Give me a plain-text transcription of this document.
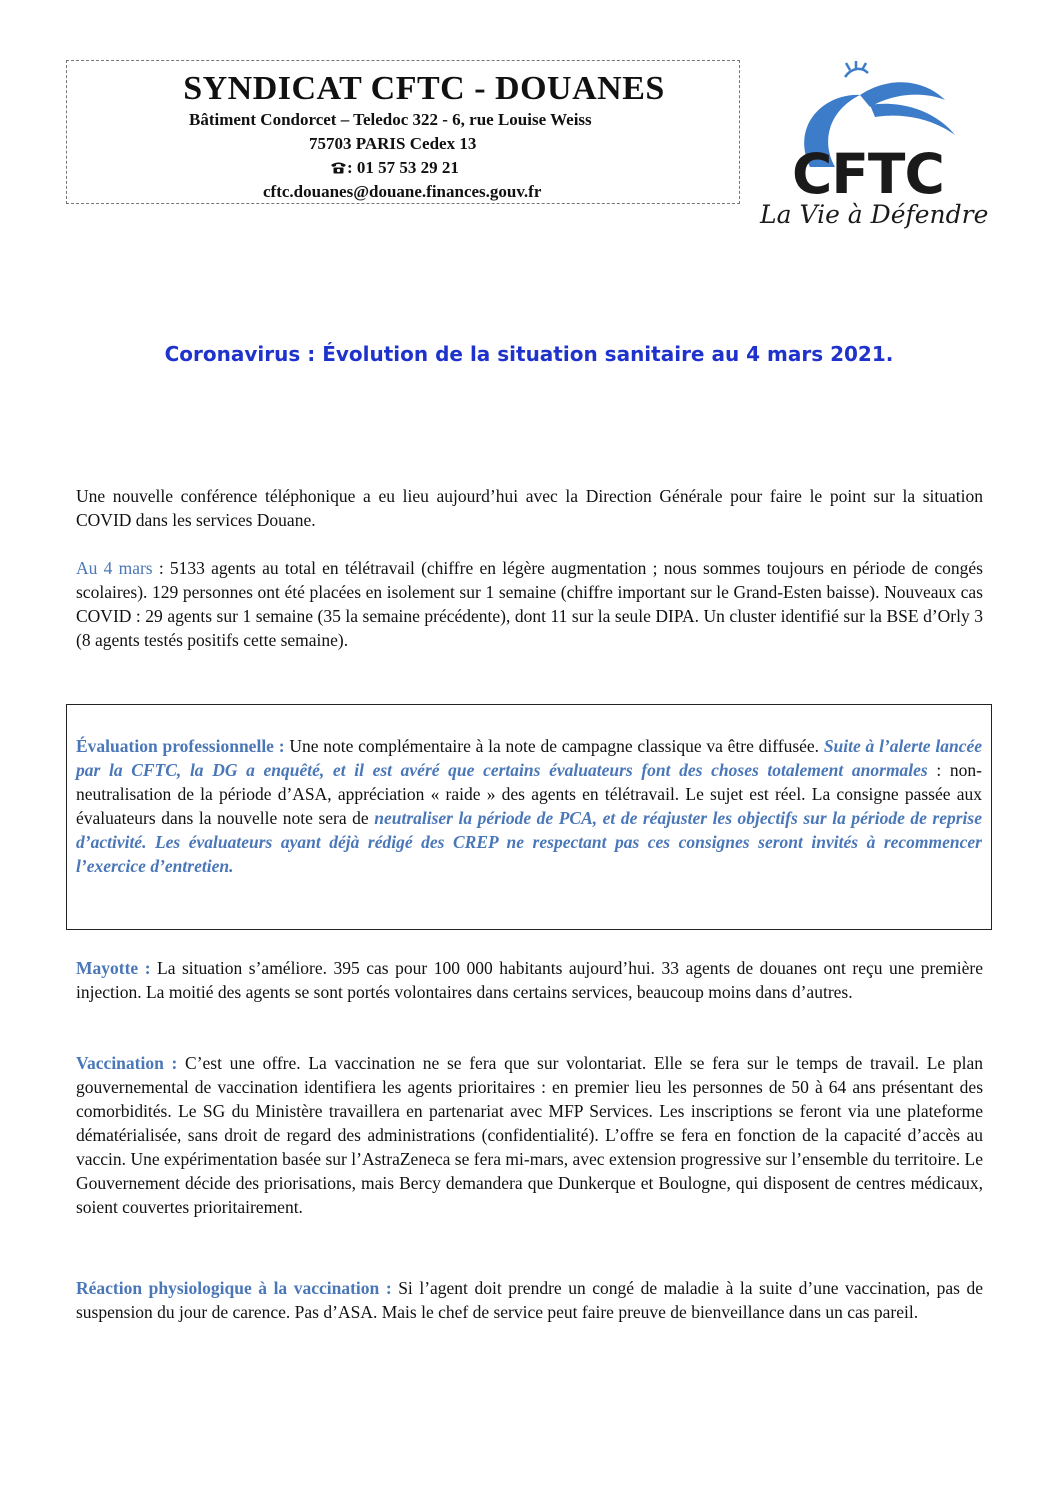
SYNDICAT CFTC - DOUANES
Bâtiment Condorcet – Teledoc 322 - 6, rue Louise Weiss
75703 PARIS Cedex 13
: 01 57 53 29 21
cftc.douanes@douane.finances.gouv.fr	CFTC
La Vie à Défendre
Coronavirus : Évolution de la situation sanitaire au 4 mars 2021.

Une nouvelle conférence téléphonique a eu lieu aujourd’hui avec la Direction Générale pour faire le point sur la situation COVID dans les services Douane.

Au 4 mars : 5133 agents au total en télétravail (chiffre en légère augmentation ; nous sommes toujours en période de congés scolaires). 129 personnes ont été placées en isolement sur 1 semaine (chiffre important sur le Grand-Esten baisse). Nouveaux cas COVID : 29 agents sur 1 semaine (35 la semaine précédente), dont 11 sur la seule DIPA. Un cluster identifié sur la BSE d’Orly 3 (8 agents testés positifs cette semaine).

Évaluation professionnelle : Une note complémentaire à la note de campagne classique va être diffusée. Suite à l’alerte lancée par la CFTC, la DG a enquêté, et il est avéré que certains évaluateurs font des choses totalement anormales : non-neutralisation de la période d’ASA, appréciation « raide » des agents en télétravail. Le sujet est réel. La consigne passée aux évaluateurs dans la nouvelle note sera de neutraliser la période de PCA, et de réajuster les objectifs sur la période de reprise d’activité. Les évaluateurs ayant déjà rédigé des CREP ne respectant pas ces consignes seront invités à recommencer l’exercice d’entretien.

Mayotte : La situation s’améliore. 395 cas pour 100 000 habitants aujourd’hui. 33 agents de douanes ont reçu une première injection. La moitié des agents se sont portés volontaires dans certains services, beaucoup moins dans d’autres.

Vaccination : C’est une offre. La vaccination ne se fera que sur volontariat. Elle se fera sur le temps de travail. Le plan gouvernemental de vaccination identifiera les agents prioritaires : en premier lieu les personnes de 50 à 64 ans présentant des comorbidités. Le SG du Ministère travaillera en partenariat avec MFP Services. Les inscriptions se feront via une plateforme dématérialisée, sans droit de regard des administrations (confidentialité). L’offre se fera en fonction de la capacité d’accès au vaccin. Une expérimentation basée sur l’AstraZeneca se fera mi-mars, avec extension progressive sur l’ensemble du territoire. Le Gouvernement décide des priorisations, mais Bercy demandera que Dunkerque et Boulogne, qui disposent de centres médicaux, soient couvertes prioritairement.

Réaction physiologique à la vaccination : Si l’agent doit prendre un congé de maladie à la suite d’une vaccination, pas de suspension du jour de carence. Pas d’ASA. Mais le chef de service peut faire preuve de bienveillance dans un cas pareil.
